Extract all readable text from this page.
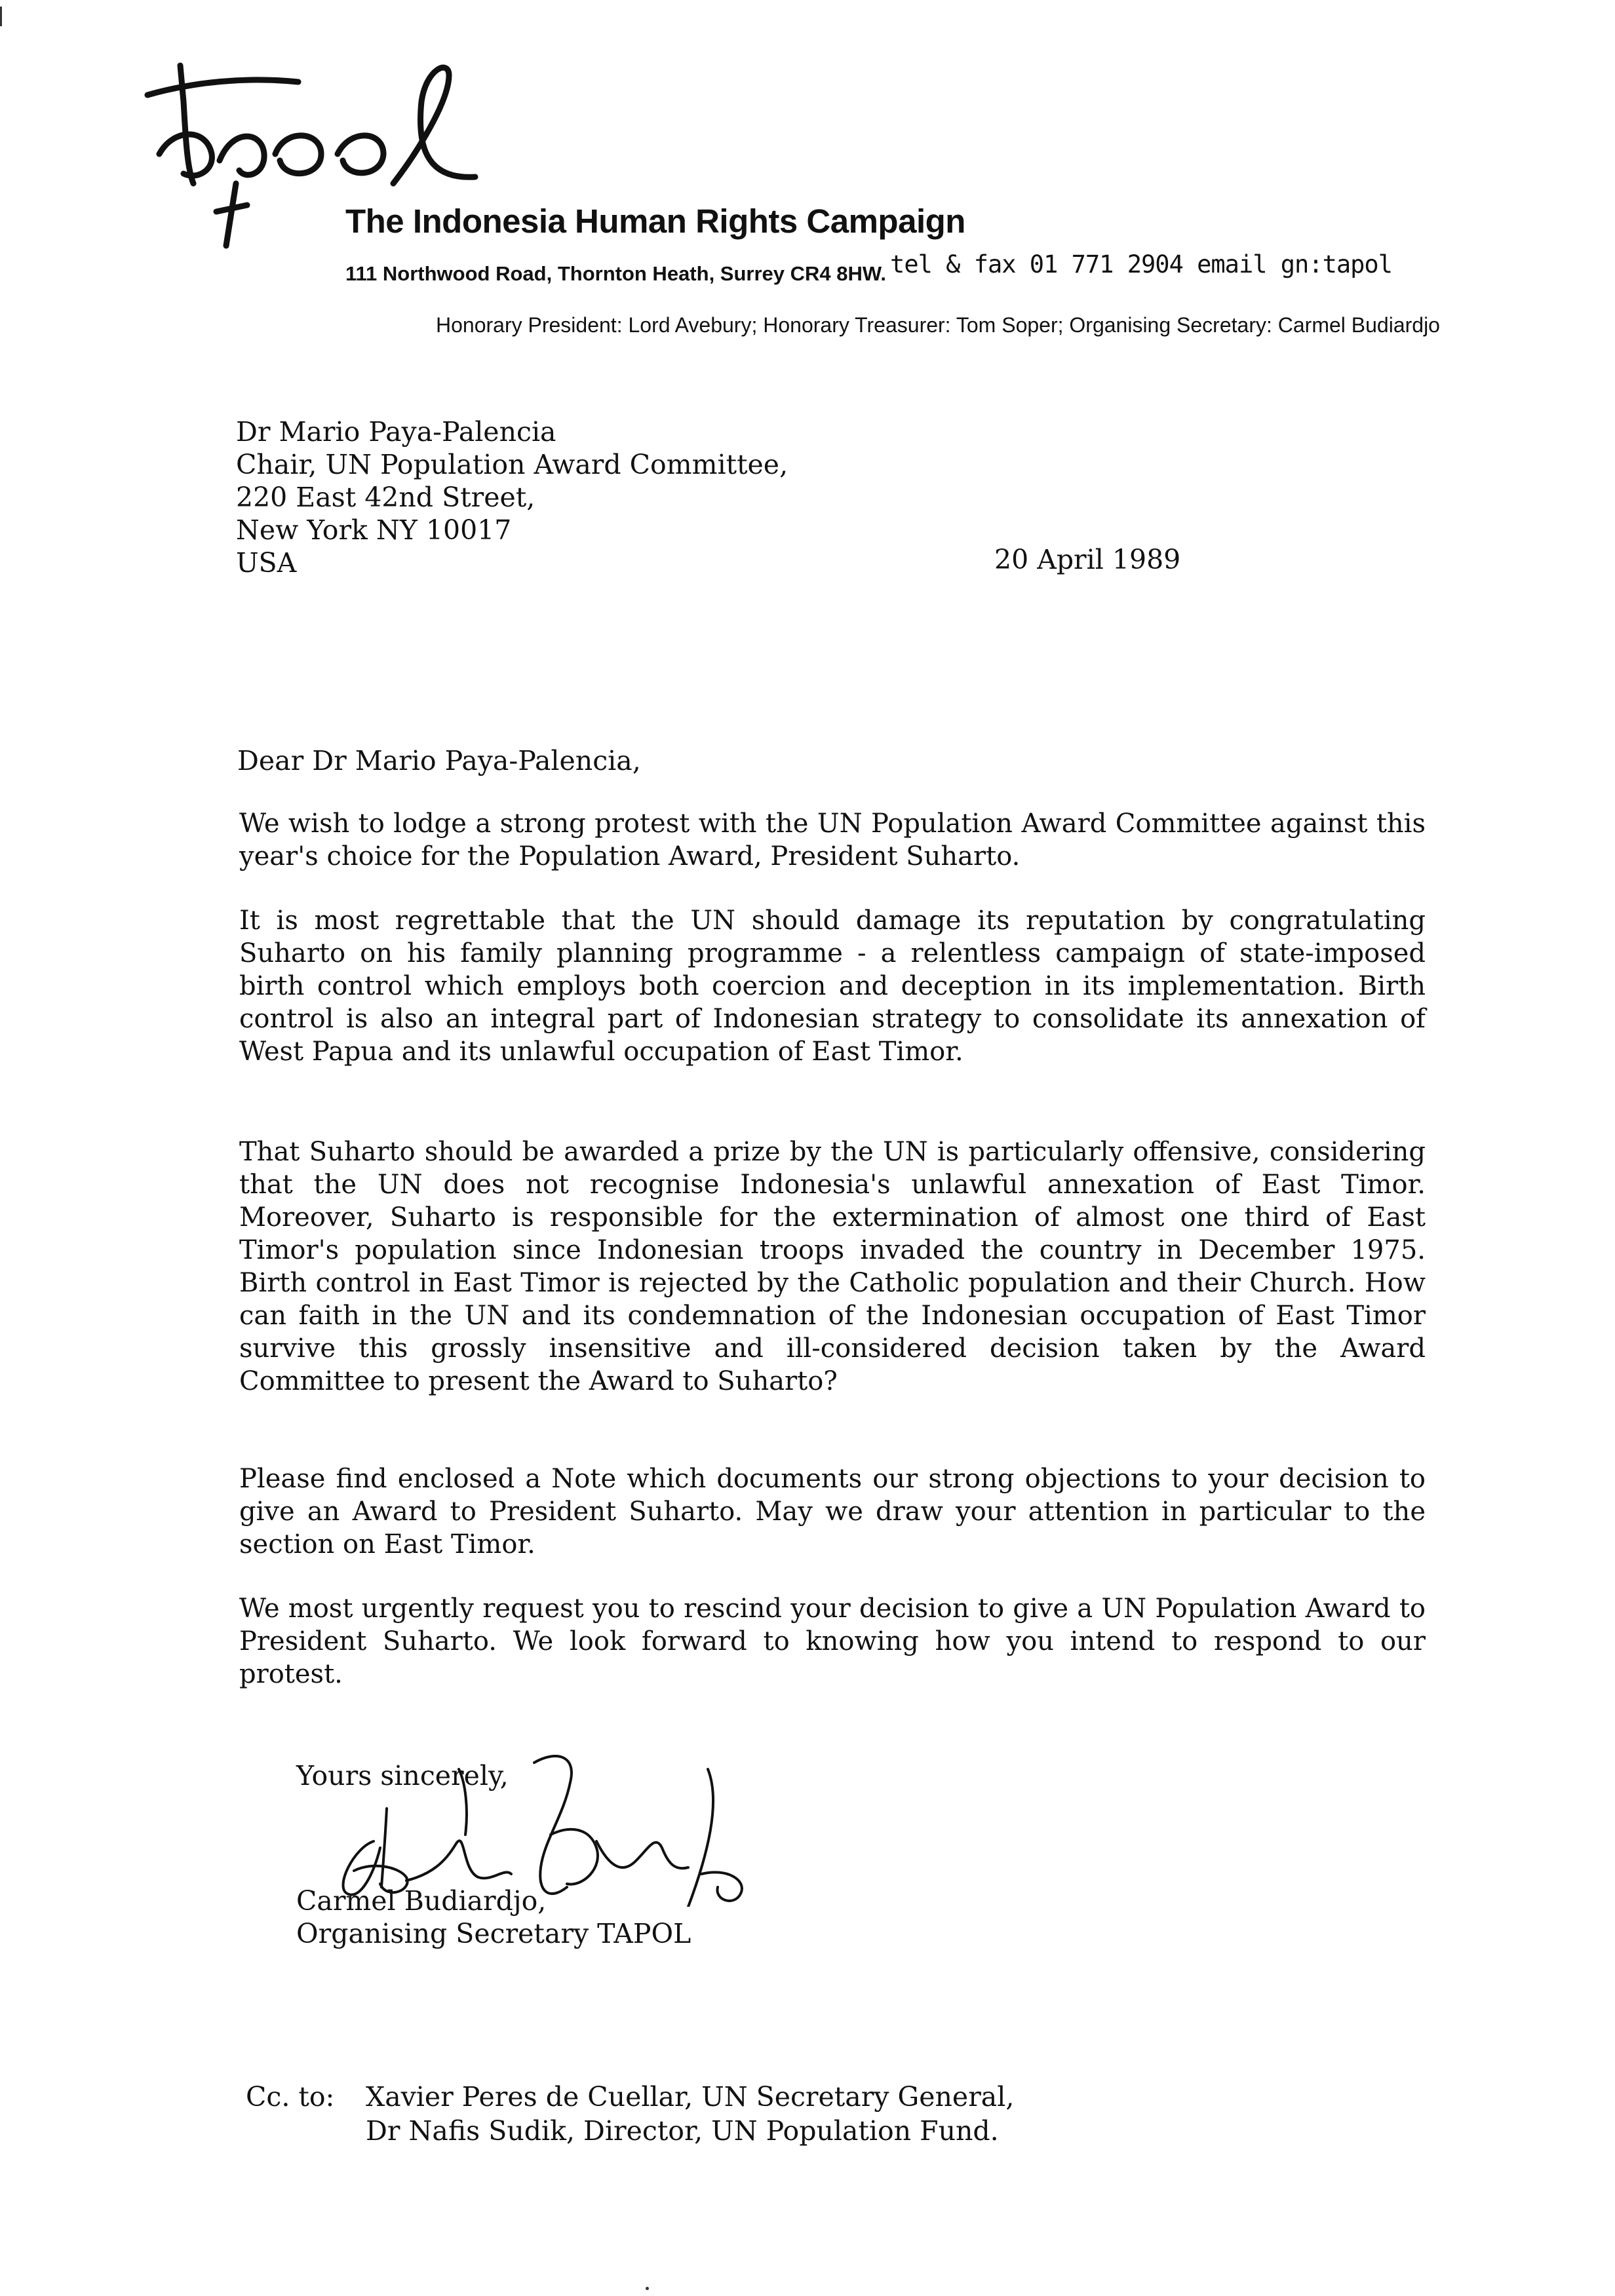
The Indonesia Human Rights Campaign
111 Northwood Road, Thornton Heath, Surrey CR4 8HW. tel & fax 01 771 2904 email gn:tapol
Honorary President: Lord Avebury; Honorary Treasurer: Tom Soper; Organising Secretary: Carmel Budiardjo
Dr Mario Paya-Palencia
Chair, UN Population Award Committee,
220 East 42nd Street,
New York NY 10017
USA	20 April 1989
Dear Dr Mario Paya-Palencia,
We wish to lodge a strong protest with the UN Population Award Committee against this year's choice for the Population Award, President Suharto.
It is most regrettable that the UN should damage its reputation by congratulating Suharto on his family planning programme - a relentless campaign of state-imposed birth control which employs both coercion and deception in its implementation. Birth control is also an integral part of Indonesian strategy to consolidate its annexation of West Papua and its unlawful occupation of East Timor.
That Suharto should be awarded a prize by the UN is particularly offensive, considering that the UN does not recognise Indonesia's unlawful annexation of East Timor. Moreover, Suharto is responsible for the extermination of almost one third of East Timor's population since Indonesian troops invaded the country in December 1975. Birth control in East Timor is rejected by the Catholic population and their Church. How can faith in the UN and its condemnation of the Indonesian occupation of East Timor survive this grossly insensitive and ill-considered decision taken by the Award Committee to present the Award to Suharto?
Please find enclosed a Note which documents our strong objections to your decision to give an Award to President Suharto. May we draw your attention in particular to the section on East Timor.
We most urgently request you to rescind your decision to give a UN Population Award to President Suharto. We look forward to knowing how you intend to respond to our protest.
Yours sincerely,
Carmel Budiardjo,
Organising Secretary TAPOL
Cc. to:	Xavier Peres de Cuellar, UN Secretary General,
Dr Nafis Sudik, Director, UN Population Fund.
